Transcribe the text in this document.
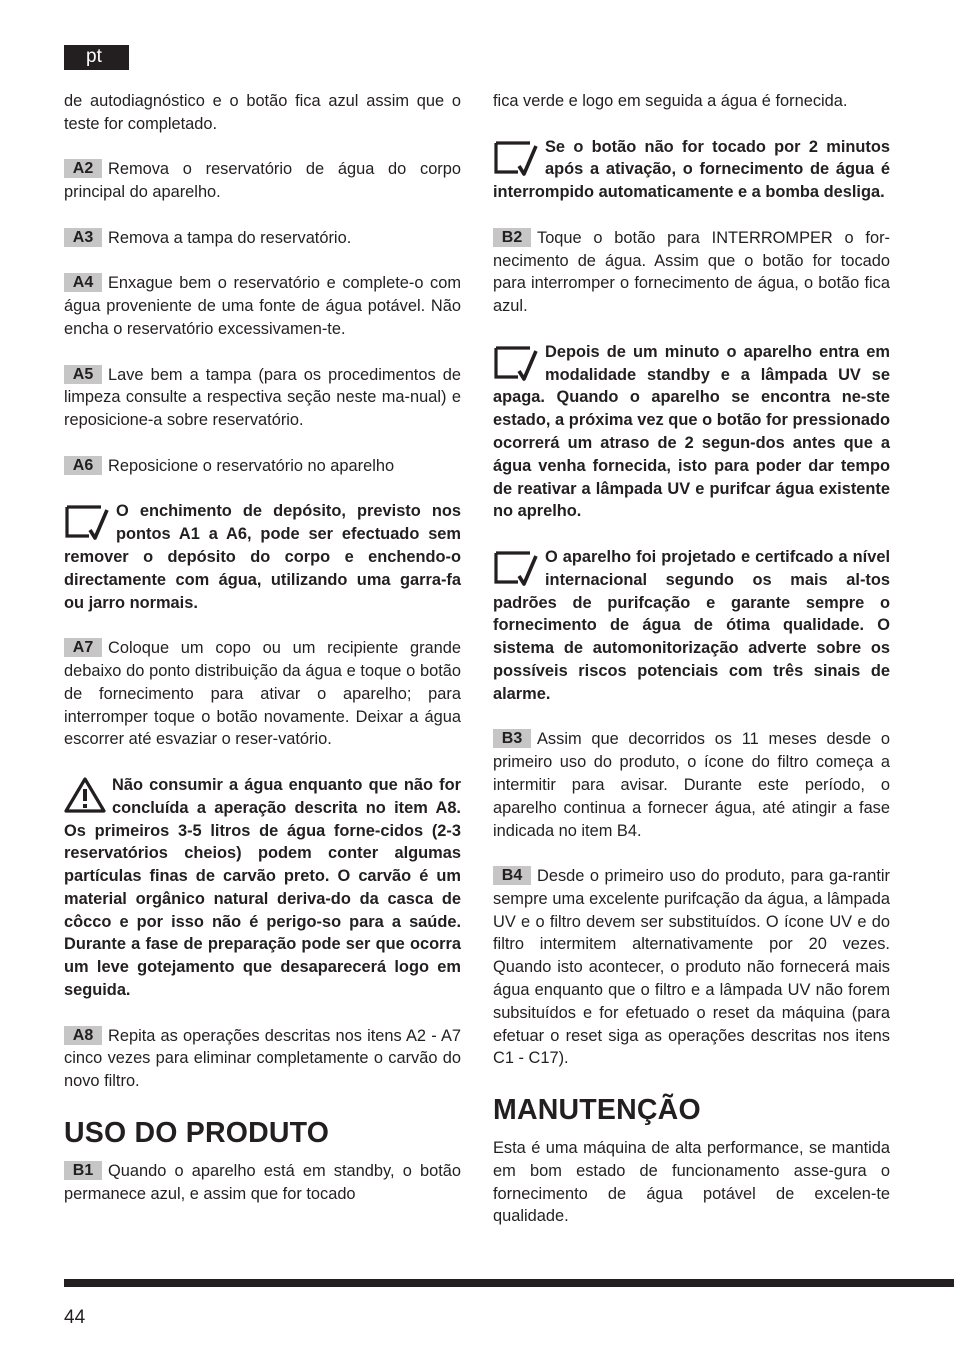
pt

de autodiagnóstico e o botão fica azul assim que o teste for completado.

A2 Remova o reservatório de água do corpo principal do aparelho.

A3 Remova a tampa do reservatório.

A4 Enxague bem o reservatório e complete-o com água proveniente de uma fonte de água potável. Não encha o reservatório excessivamen-te.

A5 Lave bem a tampa (para os procedimentos de limpeza consulte a respectiva seção neste ma-nual) e reposicione-a sobre reservatório.

A6 Reposicione o reservatório no aparelho

O enchimento de depósito, previsto nos pontos A1 a A6, pode ser efectuado sem remover o depósito do corpo e enchendo-o directamente com água, utilizando uma garra-fa ou jarro normais.

A7 Coloque um copo ou um recipiente grande debaixo do ponto distribuição da água e toque o botão de fornecimento para ativar o aparelho; para interromper toque o botão novamente. Deixar a água escorrer até esvaziar o reser-vatório.

Não consumir a água enquanto que não for concluída a aperação descrita no item A8. Os primeiros 3-5 litros de água forne-cidos (2-3 reservatórios cheios) podem conter algumas partículas finas de carvão preto. O carvão é um material orgânico natural deriva-do da casca de côcco e por isso não é perigo-so para a saúde. Durante a fase de preparação pode ser que ocorra um leve gotejamento que desaparecerá logo em seguida.

A8 Repita as operações descritas nos itens A2 - A7 cinco vezes para eliminar completamente o carvão do novo filtro.

USO DO PRODUTO

B1 Quando o aparelho está em standby, o botão permanece azul, e assim que for tocado

fica verde e logo em seguida a água é fornecida.

Se o botão não for tocado por 2 minutos após a ativação, o fornecimento de água é interrompido automaticamente e a bomba desliga.

B2 Toque o botão para INTERROMPER o for-necimento de água. Assim que o botão for tocado para interromper o fornecimento de água, o botão fica azul.

Depois de um minuto o aparelho entra em modalidade standby e a lâmpada UV se apaga. Quando o aparelho se encontra ne-ste estado, a próxima vez que o botão for pressionado ocorrerá um atraso de 2 segun-dos antes que a água venha fornecida, isto para poder dar tempo de reativar a lâmpada UV e purifcar água existente no aprelho.

O aparelho foi projetado e certifcado a nível internacional segundo os mais al-tos padrões de purifcação e garante sempre o fornecimento de água de ótima qualidade. O sistema de automonitorização adverte sobre os possíveis riscos potenciais com três sinais de alarme.

B3 Assim que decorridos os 11 meses desde o primeiro uso do produto, o ícone do filtro começa a intermitir para avisar. Durante este período, o aparelho continua a fornecer água, até atingir a fase indicada no item B4.

B4 Desde o primeiro uso do produto, para ga-rantir sempre uma excelente purifcação da água, a lâmpada UV e o filtro devem ser substituídos. O ícone UV e do filtro intermitem alternativamente por 20 vezes. Quando isto acontecer, o produto não fornecerá mais água enquanto que o filtro e a lâmpada UV não forem subsituídos e for efetuado o reset da máquina (para efetuar o reset siga as operações descritas nos itens C1 - C17).

MANUTENÇÃO

Esta é uma máquina de alta performance, se mantida em bom estado de funcionamento asse-gura o fornecimento de água potável de excelen-te qualidade.

44
